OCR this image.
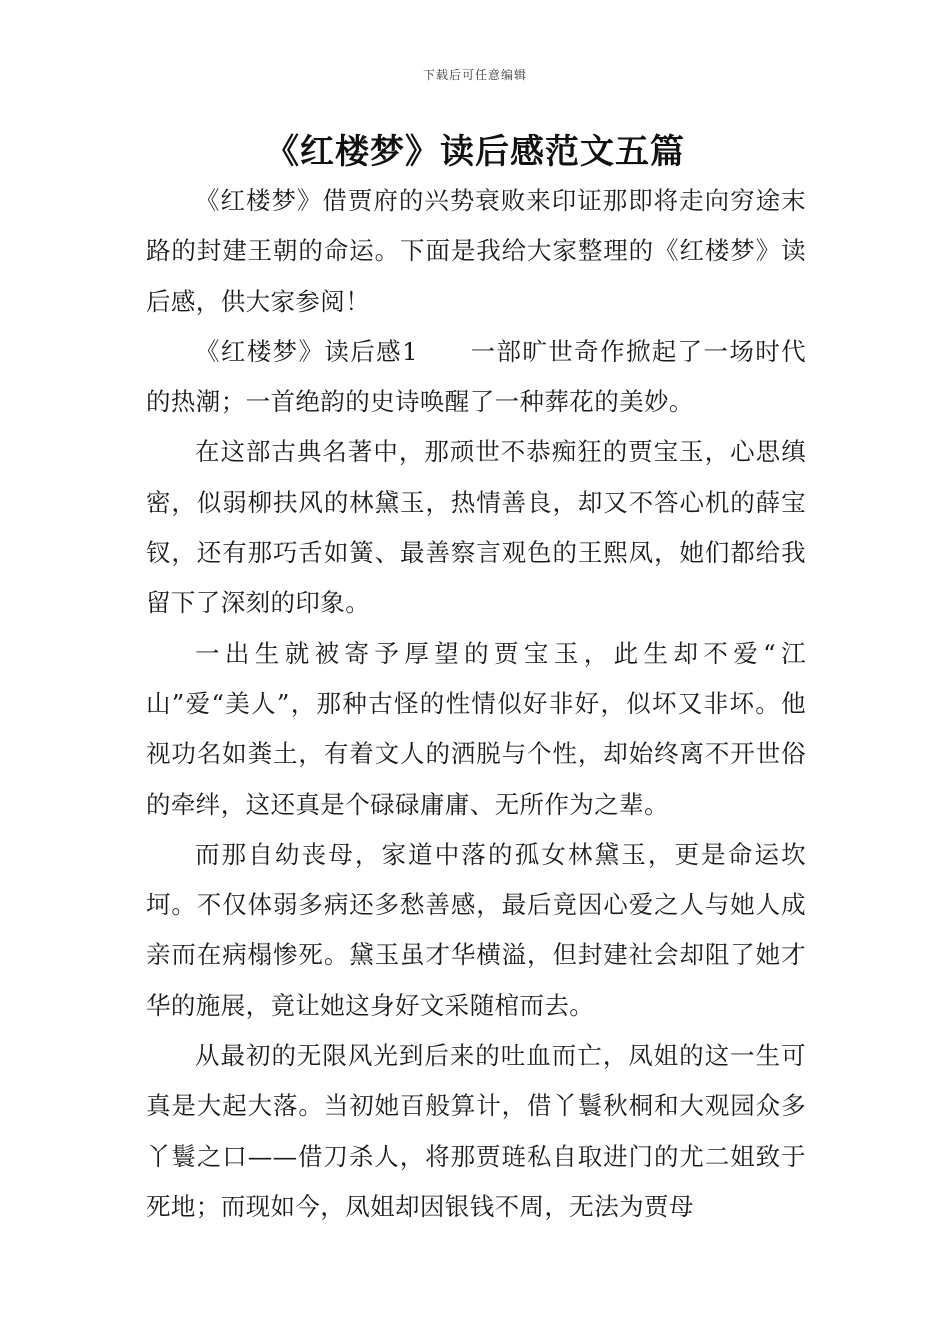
下载后可任意编辑
《红楼梦》读后感范文五篇

《红楼梦》借贾府的兴势衰败来印证那即将走向穷途末路的封建王朝的命运。下面是我给大家整理的《红楼梦》读后感，供大家参阅！

《红楼梦》读后感1　　一部旷世奇作掀起了一场时代的热潮；一首绝韵的史诗唤醒了一种葬花的美妙。

在这部古典名著中，那顽世不恭痴狂的贾宝玉，心思缜密，似弱柳扶风的林黛玉，热情善良，却又不答心机的薛宝钗，还有那巧舌如簧、最善察言观色的王熙凤，她们都给我留下了深刻的印象。

一出生就被寄予厚望的贾宝玉，此生却不爱“江山”爱“美人”，那种古怪的性情似好非好，似坏又非坏。他视功名如粪土，有着文人的洒脱与个性，却始终离不开世俗的牵绊，这还真是个碌碌庸庸、无所作为之辈。

而那自幼丧母，家道中落的孤女林黛玉，更是命运坎坷。不仅体弱多病还多愁善感，最后竟因心爱之人与她人成亲而在病榻惨死。黛玉虽才华横溢，但封建社会却阻了她才华的施展，竟让她这身好文采随棺而去。

从最初的无限风光到后来的吐血而亡，凤姐的这一生可真是大起大落。当初她百般算计，借丫鬟秋桐和大观园众多丫鬟之口——借刀杀人，将那贾琏私自取进门的尤二姐致于死地；而现如今，凤姐却因银钱不周，无法为贾母
